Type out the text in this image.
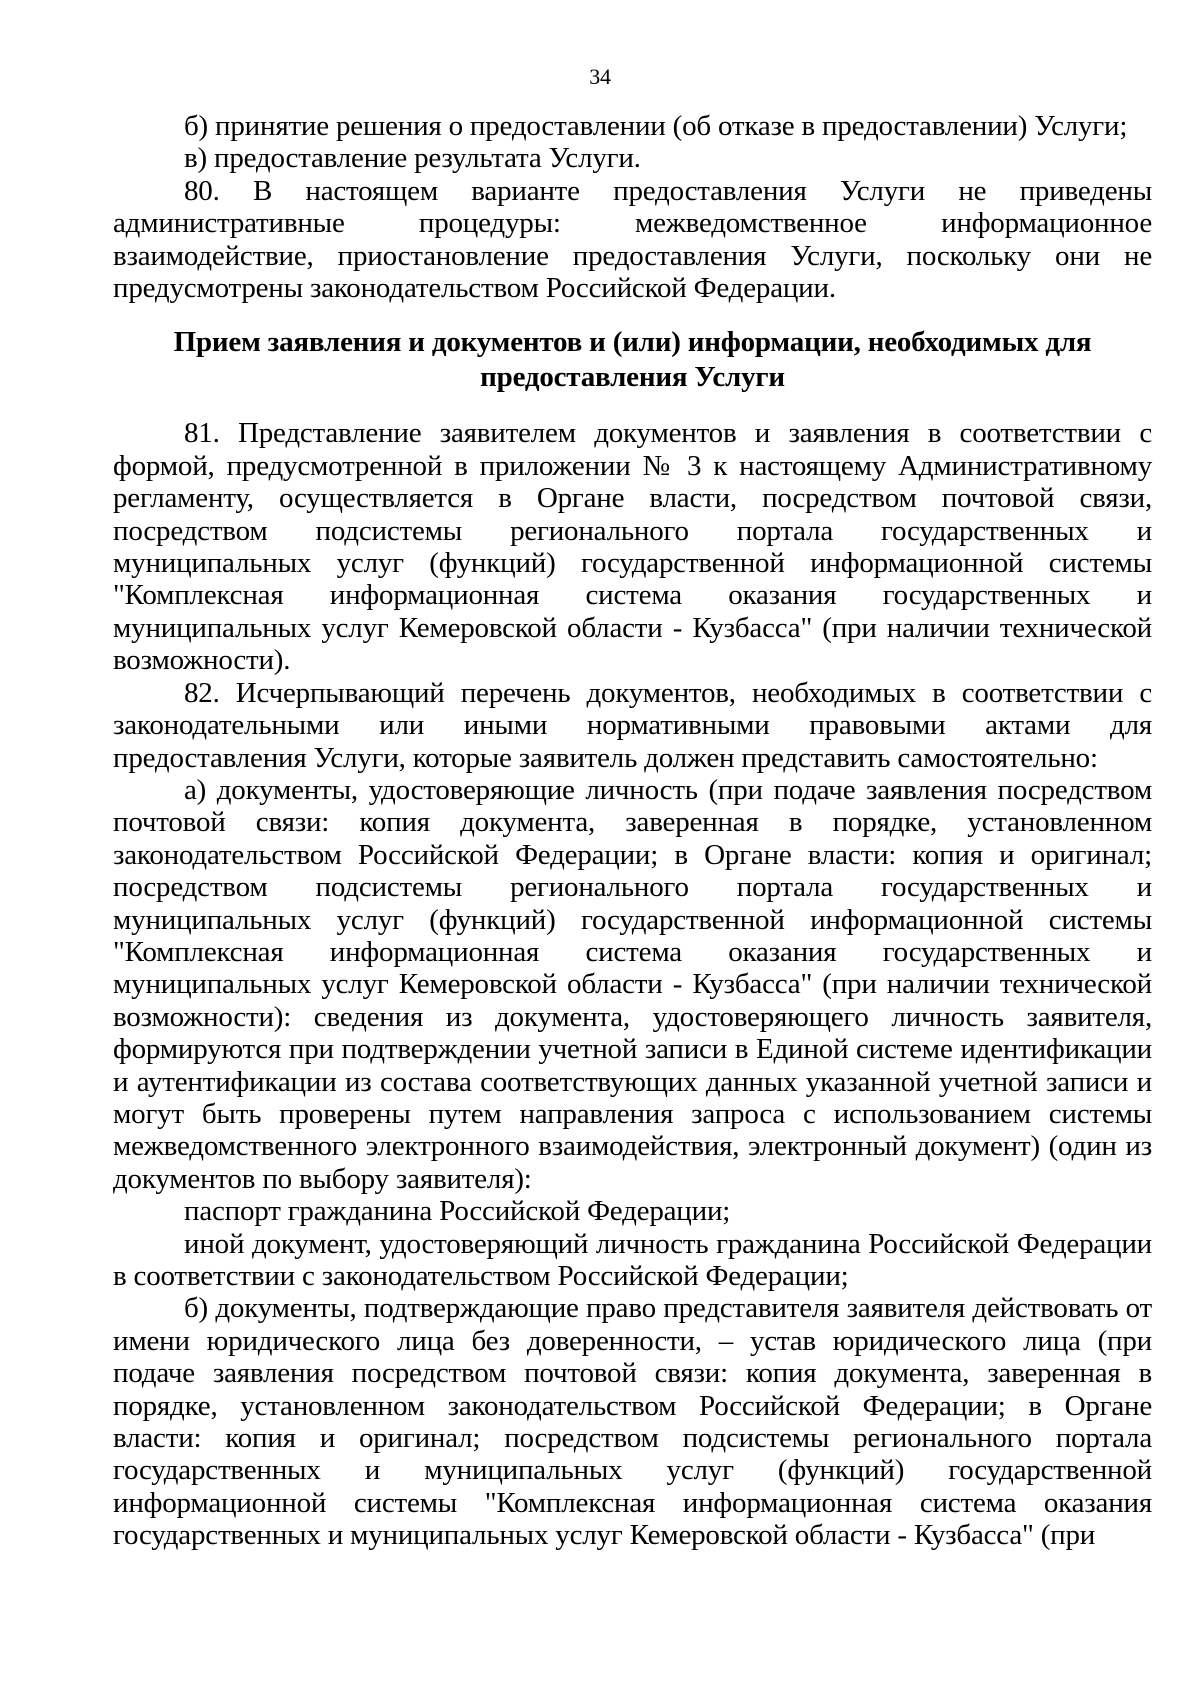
34

б) принятие решения о предоставлении (об отказе в предоставлении) Услуги;

в) предоставление результата Услуги.

80. В настоящем варианте предоставления Услуги не приведены административные процедуры: межведомственное информационное взаимодействие, приостановление предоставления Услуги, поскольку они не предусмотрены законодательством Российской Федерации.

Прием заявления и документов и (или) информации, необходимых для
предоставления Услуги

81. Представление заявителем документов и заявления в соответствии с формой, предусмотренной в приложении № 3 к настоящему Административному регламенту, осуществляется в Органе власти, посредством почтовой связи, посредством подсистемы регионального портала государственных и муниципальных услуг (функций) государственной информационной системы "Комплексная информационная система оказания государственных и муниципальных услуг Кемеровской области - Кузбасса" (при наличии технической возможности).

82. Исчерпывающий перечень документов, необходимых в соответствии с законодательными или иными нормативными правовыми актами для предоставления Услуги, которые заявитель должен представить самостоятельно:

а) документы, удостоверяющие личность (при подаче заявления посредством почтовой связи: копия документа, заверенная в порядке, установленном законодательством Российской Федерации; в Органе власти: копия и оригинал; посредством подсистемы регионального портала государственных и муниципальных услуг (функций) государственной информационной системы "Комплексная информационная система оказания государственных и муниципальных услуг Кемеровской области - Кузбасса" (при наличии технической возможности): сведения из документа, удостоверяющего личность заявителя, формируются при подтверждении учетной записи в Единой системе идентификации и аутентификации из состава соответствующих данных указанной учетной записи и могут быть проверены путем направления запроса с использованием системы межведомственного электронного взаимодействия, электронный документ) (один из документов по выбору заявителя):

паспорт гражданина Российской Федерации;

иной документ, удостоверяющий личность гражданина Российской Федерации в соответствии с законодательством Российской Федерации;

б) документы, подтверждающие право представителя заявителя действовать от имени юридического лица без доверенности, – устав юридического лица (при подаче заявления посредством почтовой связи: копия документа, заверенная в порядке, установленном законодательством Российской Федерации; в Органе власти: копия и оригинал; посредством подсистемы регионального портала государственных и муниципальных услуг (функций) государственной информационной системы "Комплексная информационная система оказания государственных и муниципальных услуг Кемеровской области - Кузбасса" (при
